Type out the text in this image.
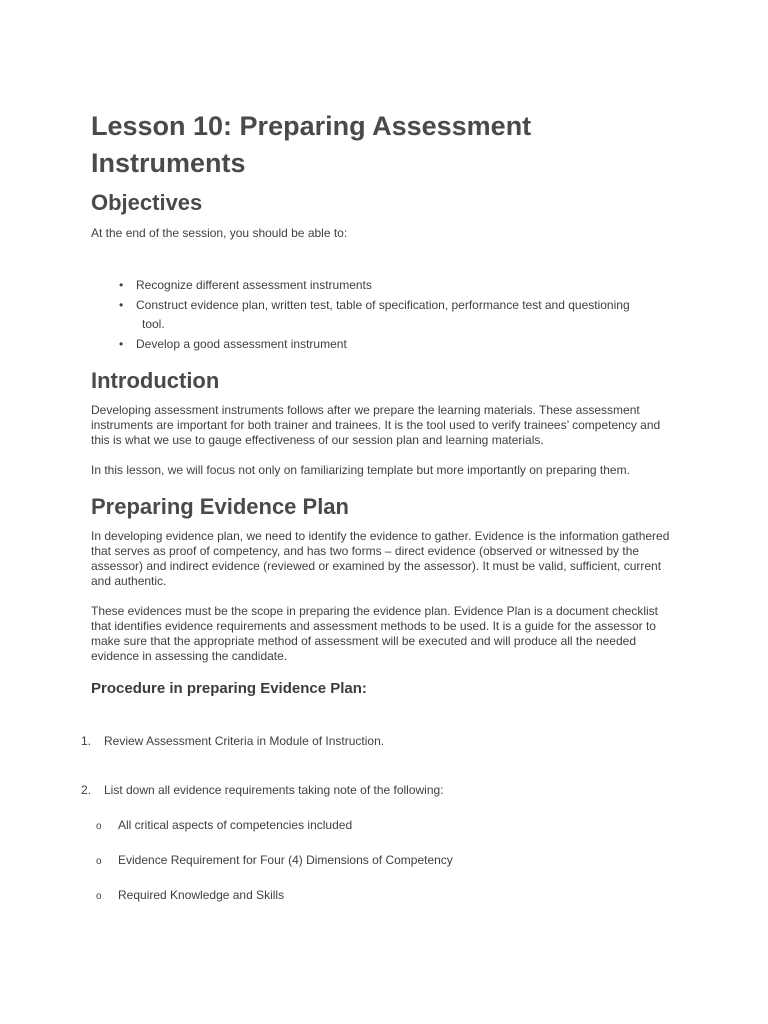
Lesson 10: Preparing Assessment Instruments
Objectives

At the end of the session, you should be able to:

• Recognize different assessment instruments
• Construct evidence plan, written test, table of specification, performance test and questioning
tool.
• Develop a good assessment instrument
Introduction

Developing assessment instruments follows after we prepare the learning materials. These assessment instruments are important for both trainer and trainees. It is the tool used to verify trainees’ competency and this is what we use to gauge effectiveness of our session plan and learning materials.

In this lesson, we will focus not only on familiarizing template but more importantly on preparing them.

Preparing Evidence Plan

In developing evidence plan, we need to identify the evidence to gather. Evidence is the information gathered that serves as proof of competency, and has two forms – direct evidence (observed or witnessed by the assessor) and indirect evidence (reviewed or examined by the assessor). It must be valid, sufficient, current and authentic.

These evidences must be the scope in preparing the evidence plan. Evidence Plan is a document checklist that identifies evidence requirements and assessment methods to be used. It is a guide for the assessor to make sure that the appropriate method of assessment will be executed and will produce all the needed evidence in assessing the candidate.

Procedure in preparing Evidence Plan:
1. Review Assessment Criteria in Module of Instruction.
2. List down all evidence requirements taking note of the following:
o All critical aspects of competencies included
o Evidence Requirement for Four (4) Dimensions of Competency
o Required Knowledge and Skills
